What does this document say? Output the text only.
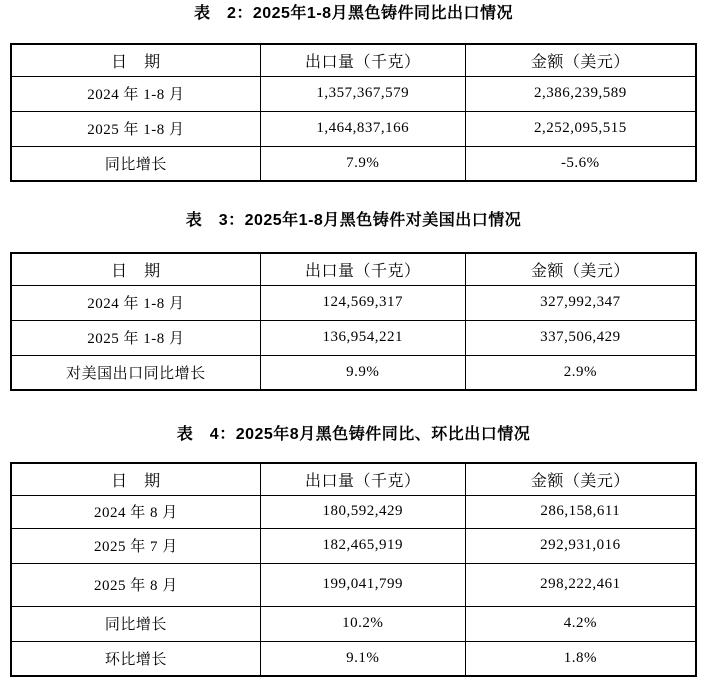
表　2：2025年1-8月黑色铸件同比出口情况
日　期	出口量（千克）	金额（美元）
2024 年 1-8 月	1,357,367,579	2,386,239,589
2025 年 1-8 月	1,464,837,166	2,252,095,515
同比增长	7.9%	-5.6%
表　3：2025年1-8月黑色铸件对美国出口情况
日　期	出口量（千克）	金额（美元）
2024 年 1-8 月	124,569,317	327,992,347
2025 年 1-8 月	136,954,221	337,506,429
对美国出口同比增长	9.9%	2.9%
表　4：2025年8月黑色铸件同比、环比出口情况
日　期	出口量（千克）	金额（美元）
2024 年 8 月	180,592,429	286,158,611
2025 年 7 月	182,465,919	292,931,016
2025 年 8 月	199,041,799	298,222,461
同比增长	10.2%	4.2%
环比增长	9.1%	1.8%
